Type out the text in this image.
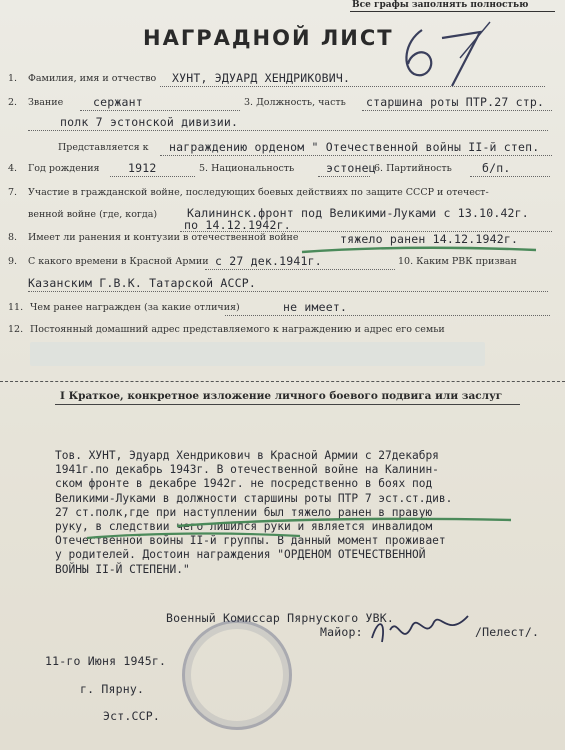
Все графы заполнять полностью
НАГРАДНОЙ ЛИСТ
1. Фамилия, имя и отчество ХУНТ, ЭДУАРД ХЕНДРИКОВИЧ.
2. Звание	сержант	3. Должность, часть старшина роты ПТР.27 стр.
полк 7 эстонской дивизии.
Представляется к награждению орденом " Отечественной войны II-й степ.
4. Год рождения 1912	5. Национальность	эстонец
6. Партийность	б/п.
7. Участие в гражданской войне, последующих боевых действиях по защите СССР и отечест-
венной войне (где, когда)	Калининск.фронт под Великими-Луками с 13.10.42г.
по 14.12.1942г.
8. Имеет ли ранения и контузии в отечественной войне	тяжело ранен 14.12.1942г.
9. С какого времени в Красной Армии с 27 дек.1941г.	10. Каким РВК призван
Казанским Г.В.К. Татарской АССР.
11. Чем ранее награжден (за какие отличия)	не имеет.
12. Постоянный домашний адрес представляемого к награждению и адрес его семьи
I Краткое, конкретное изложение личного боевого подвига или заслуг
Тов. ХУНТ, Эдуард Хендрикович в Красной Армии с 27декабря
1941г.по декабрь 1943г. В отечественной войне на Калинин-
ском фронте в декабре 1942г. не посредственно в боях под
Великими-Луками в должности старшины роты ПТР 7 эст.ст.див.
27 ст.полк,где при наступлении был тяжело ранен в правую
руку, в следствии чего лишился руки и является инвалидом
Отечественной войны II-й группы. В данный момент проживает
у родителей. Достоин награждения "ОРДЕНОМ ОТЕЧЕСТВЕННОЙ
ВОЙНЫ II-Й СТЕПЕНИ."
Военный Комиссар Пярнуского УВК.
Майор:	/Пелест/.
11-го Июня 1945г.
г. Пярну.
Эст.ССР.
